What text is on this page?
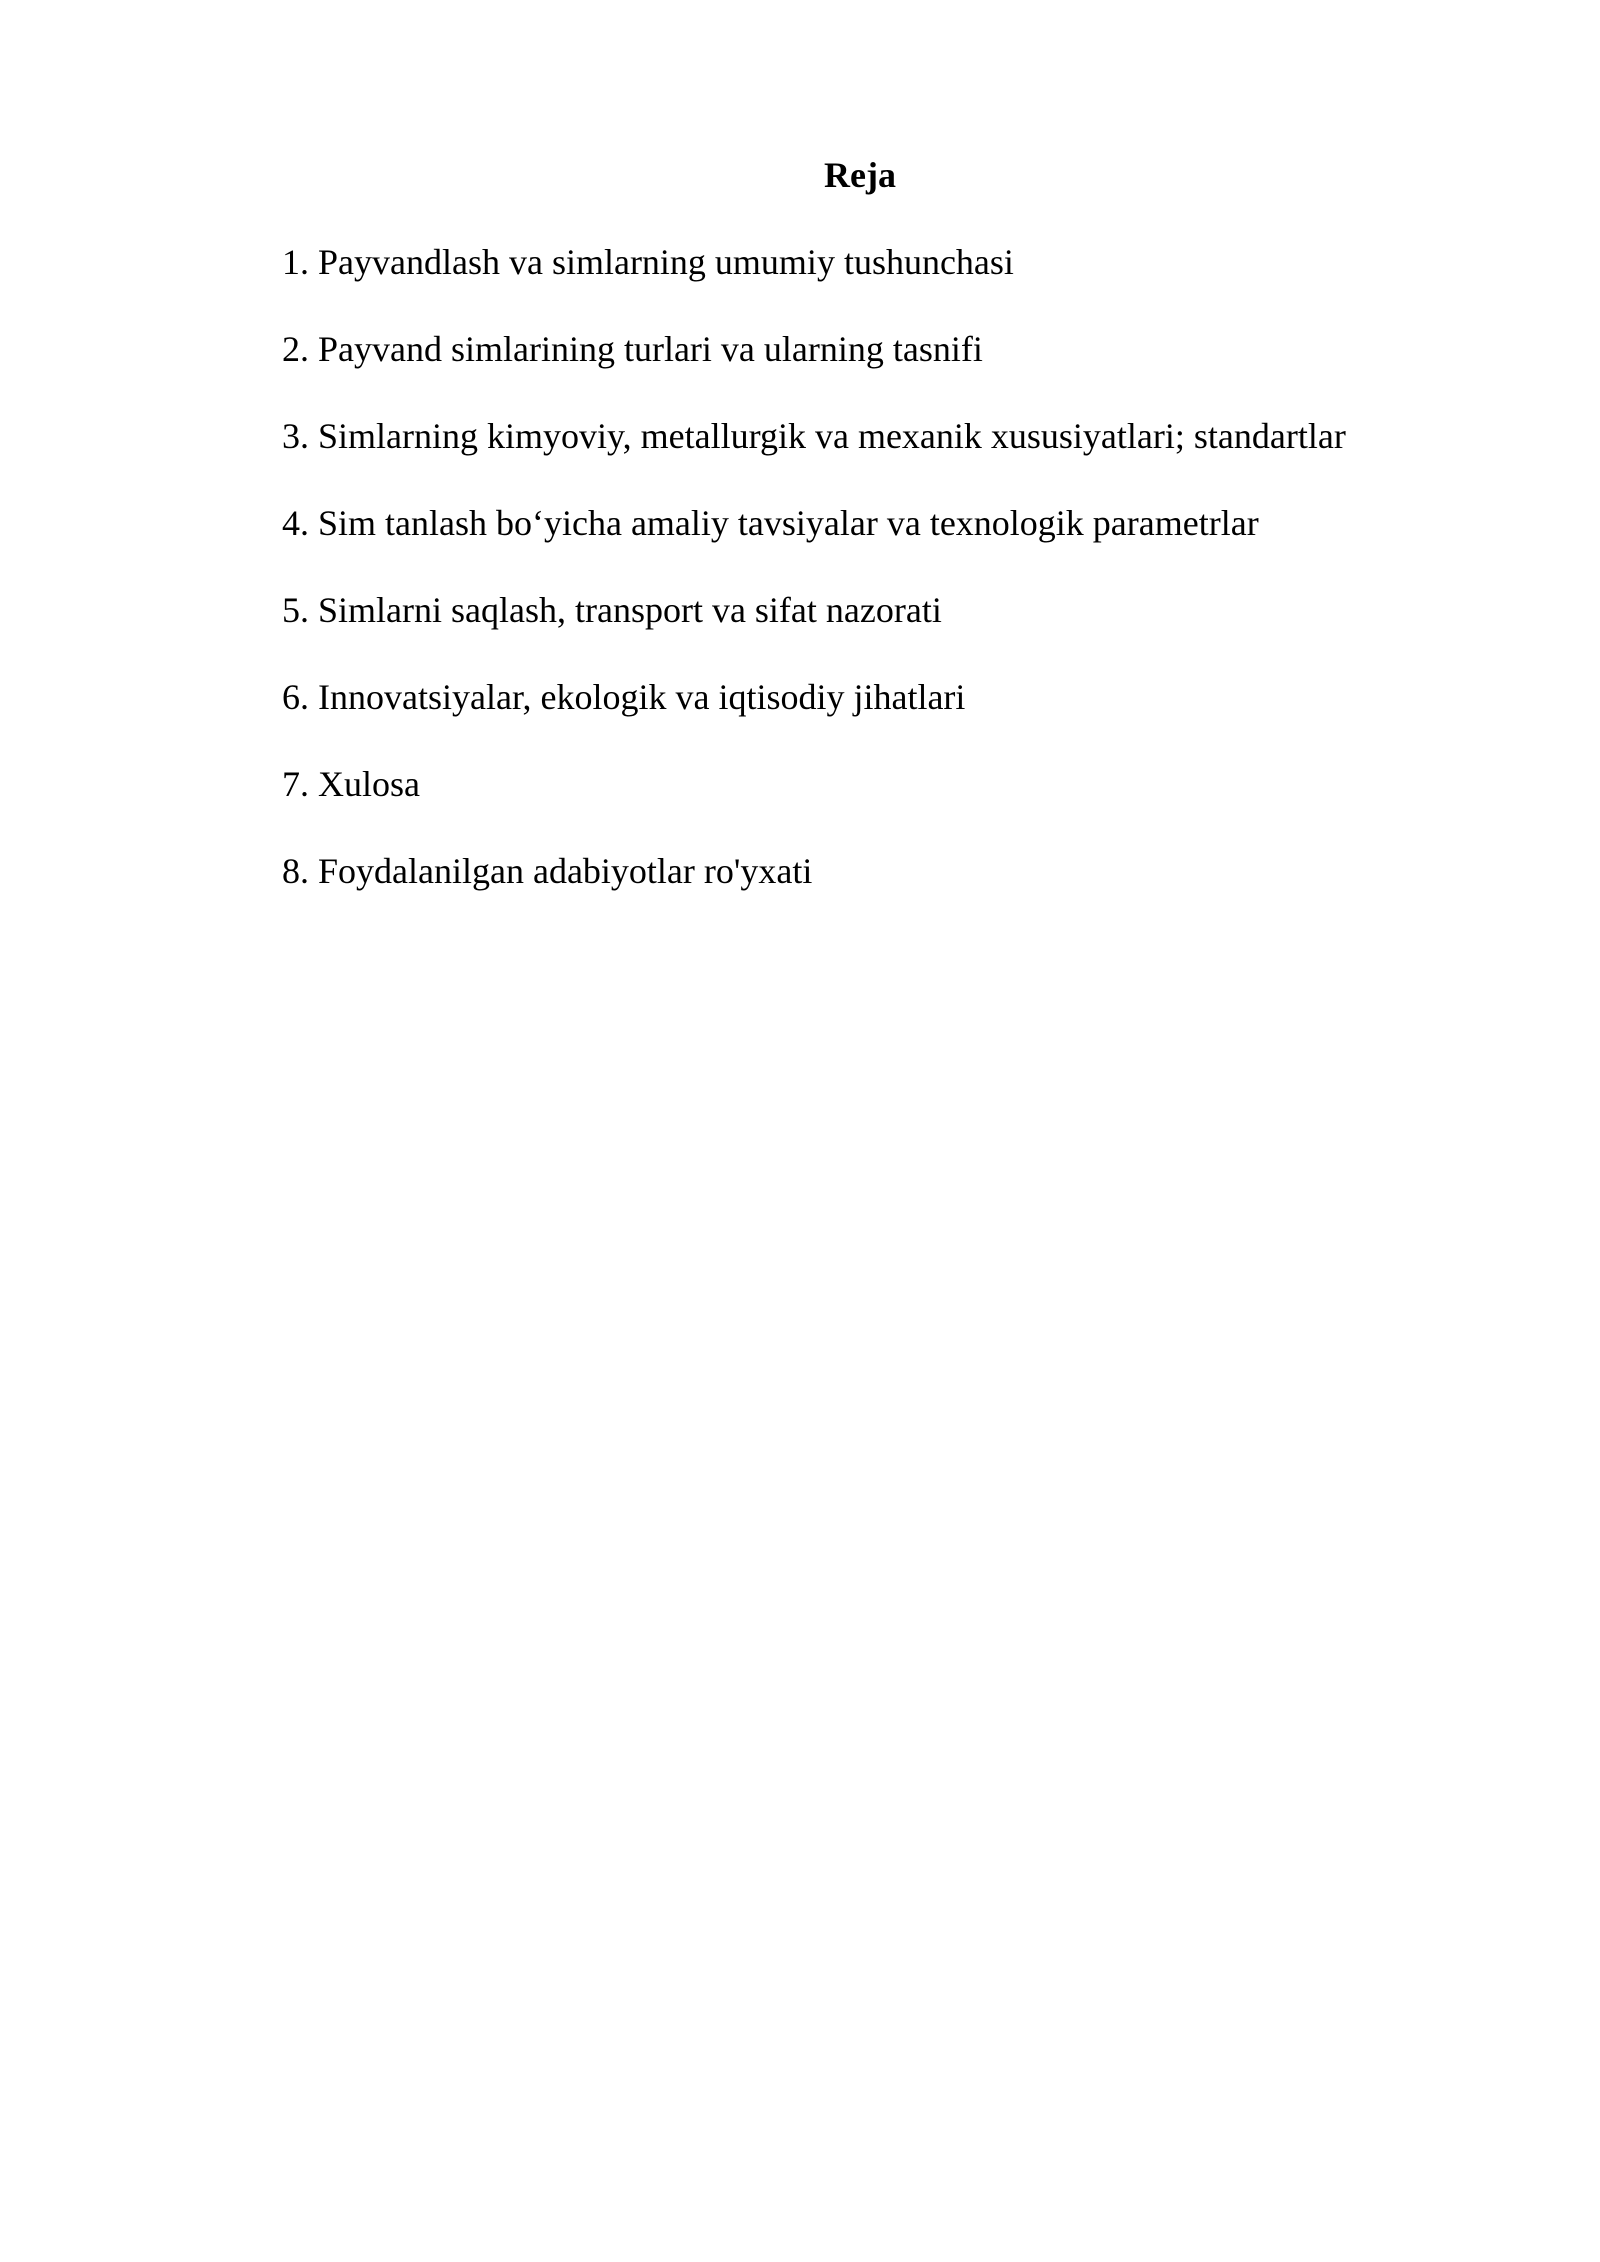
Reja
1. Payvandlash va simlarning umumiy tushunchasi
2. Payvand simlarining turlari va ularning tasnifi
3. Simlarning kimyoviy, metallurgik va mexanik xususiyatlari; standartlar
4. Sim tanlash bo‘yicha amaliy tavsiyalar va texnologik parametrlar
5. Simlarni saqlash, transport va sifat nazorati
6. Innovatsiyalar, ekologik va iqtisodiy jihatlari
7. Xulosa
8. Foydalanilgan adabiyotlar ro'yxati
